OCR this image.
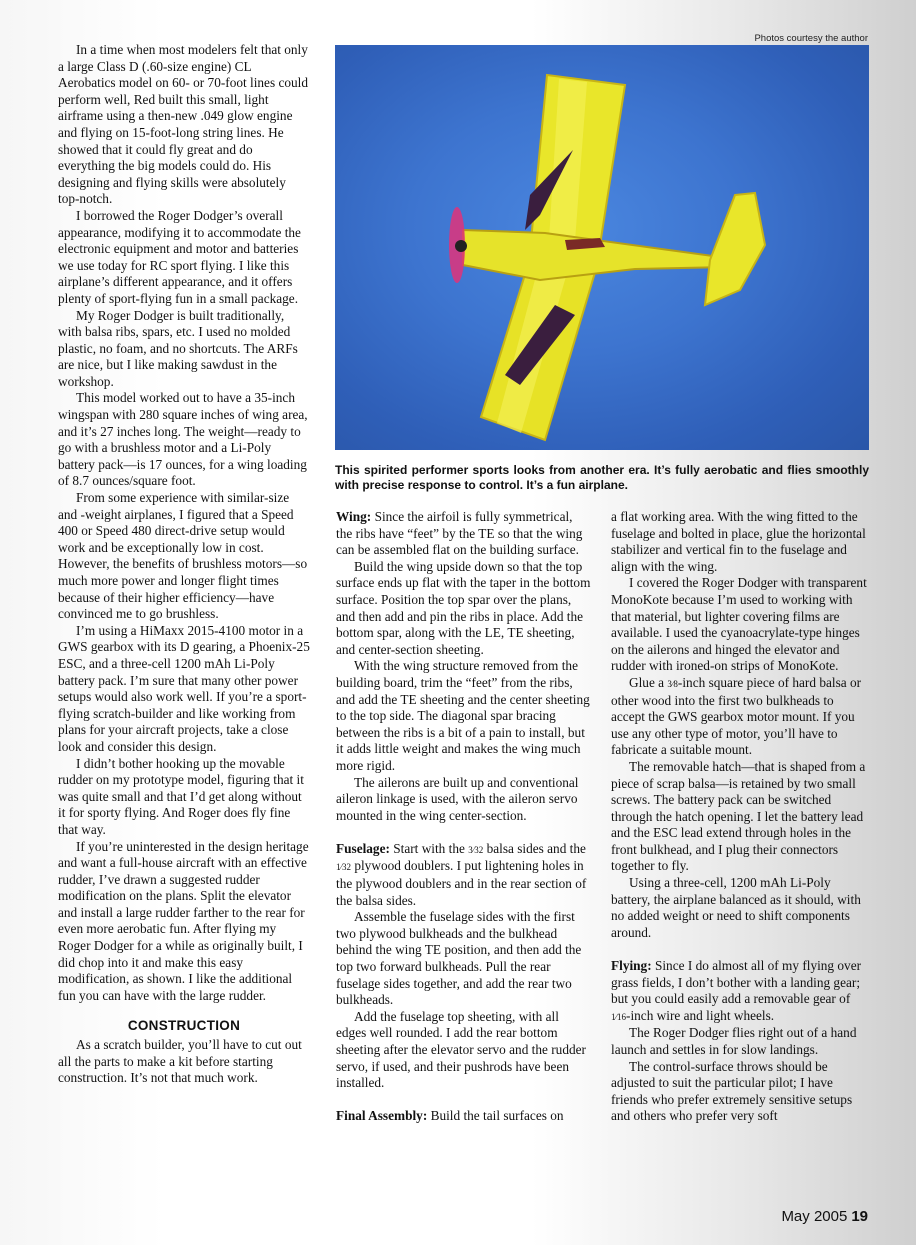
Photos courtesy the author
This spirited performer sports looks from another era. It’s fully aerobatic and flies smoothly with precise response to control. It’s a fun airplane.

In a time when most modelers felt that only a large Class D (.60-size engine) CL Aerobatics model on 60- or 70-foot lines could perform well, Red built this small, light airframe using a then-new .049 glow engine and flying on 15-foot-long string lines. He showed that it could fly great and do everything the big models could do. His designing and flying skills were absolutely top-notch.

I borrowed the Roger Dodger’s overall appearance, modifying it to accommodate the electronic equipment and motor and batteries we use today for RC sport flying. I like this airplane’s different appearance, and it offers plenty of sport-flying fun in a small package.

My Roger Dodger is built traditionally, with balsa ribs, spars, etc. I used no molded plastic, no foam, and no shortcuts. The ARFs are nice, but I like making sawdust in the workshop.

This model worked out to have a 35-inch wingspan with 280 square inches of wing area, and it’s 27 inches long. The weight—ready to go with a brushless motor and a Li-Poly battery pack—is 17 ounces, for a wing loading of 8.7 ounces/square foot.

From some experience with similar-size and -weight airplanes, I figured that a Speed 400 or Speed 480 direct-drive setup would work and be exceptionally low in cost. However, the benefits of brushless motors—so much more power and longer flight times because of their higher efficiency—have convinced me to go brushless.

I’m using a HiMaxx 2015-4100 motor in a GWS gearbox with its D gearing, a Phoenix-25 ESC, and a three-cell 1200 mAh Li-Poly battery pack. I’m sure that many other power setups would also work well. If you’re a sport-flying scratch-builder and like working from plans for your aircraft projects, take a close look and consider this design.

I didn’t bother hooking up the movable rudder on my prototype model, figuring that it was quite small and that I’d get along without it for sporty flying. And Roger does fly fine that way.

If you’re uninterested in the design heritage and want a full-house aircraft with an effective rudder, I’ve drawn a suggested rudder modification on the plans. Split the elevator and install a large rudder farther to the rear for even more aerobatic fun. After flying my Roger Dodger for a while as originally built, I did chop into it and make this easy modification, as shown. I like the additional fun you can have with the large rudder.

CONSTRUCTION

As a scratch builder, you’ll have to cut out all the parts to make a kit before starting construction. It’s not that much work.

Wing: Since the airfoil is fully symmetrical, the ribs have “feet” by the TE so that the wing can be assembled flat on the building surface.

Build the wing upside down so that the top surface ends up flat with the taper in the bottom surface. Position the top spar over the plans, and then add and pin the ribs in place. Add the bottom spar, along with the LE, TE sheeting, and center-section sheeting.

With the wing structure removed from the building board, trim the “feet” from the ribs, and add the TE sheeting and the center sheeting to the top side. The diagonal spar bracing between the ribs is a bit of a pain to install, but it adds little weight and makes the wing much more rigid.

The ailerons are built up and conventional aileron linkage is used, with the aileron servo mounted in the wing center-section.

Fuselage: Start with the 3⁄32 balsa sides and the 1⁄32 plywood doublers. I put lightening holes in the plywood doublers and in the rear section of the balsa sides.

Assemble the fuselage sides with the first two plywood bulkheads and the bulkhead behind the wing TE position, and then add the top two forward bulkheads. Pull the rear fuselage sides together, and add the rear two bulkheads.

Add the fuselage top sheeting, with all edges well rounded. I add the rear bottom sheeting after the elevator servo and the rudder servo, if used, and their pushrods have been installed.

Final Assembly: Build the tail surfaces on

a flat working area. With the wing fitted to the fuselage and bolted in place, glue the horizontal stabilizer and vertical fin to the fuselage and align with the wing.

I covered the Roger Dodger with transparent MonoKote because I’m used to working with that material, but lighter covering films are available. I used the cyanoacrylate-type hinges on the ailerons and hinged the elevator and rudder with ironed-on strips of MonoKote.

Glue a 3⁄8-inch square piece of hard balsa or other wood into the first two bulkheads to accept the GWS gearbox motor mount. If you use any other type of motor, you’ll have to fabricate a suitable mount.

The removable hatch—that is shaped from a piece of scrap balsa—is retained by two small screws. The battery pack can be switched through the hatch opening. I let the battery lead and the ESC lead extend through holes in the front bulkhead, and I plug their connectors together to fly.

Using a three-cell, 1200 mAh Li-Poly battery, the airplane balanced as it should, with no added weight or need to shift components around.

Flying: Since I do almost all of my flying over grass fields, I don’t bother with a landing gear; but you could easily add a removable gear of 1⁄16-inch wire and light wheels.

The Roger Dodger flies right out of a hand launch and settles in for slow landings.

The control-surface throws should be adjusted to suit the particular pilot; I have friends who prefer extremely sensitive setups and others who prefer very soft

May 2005 19
